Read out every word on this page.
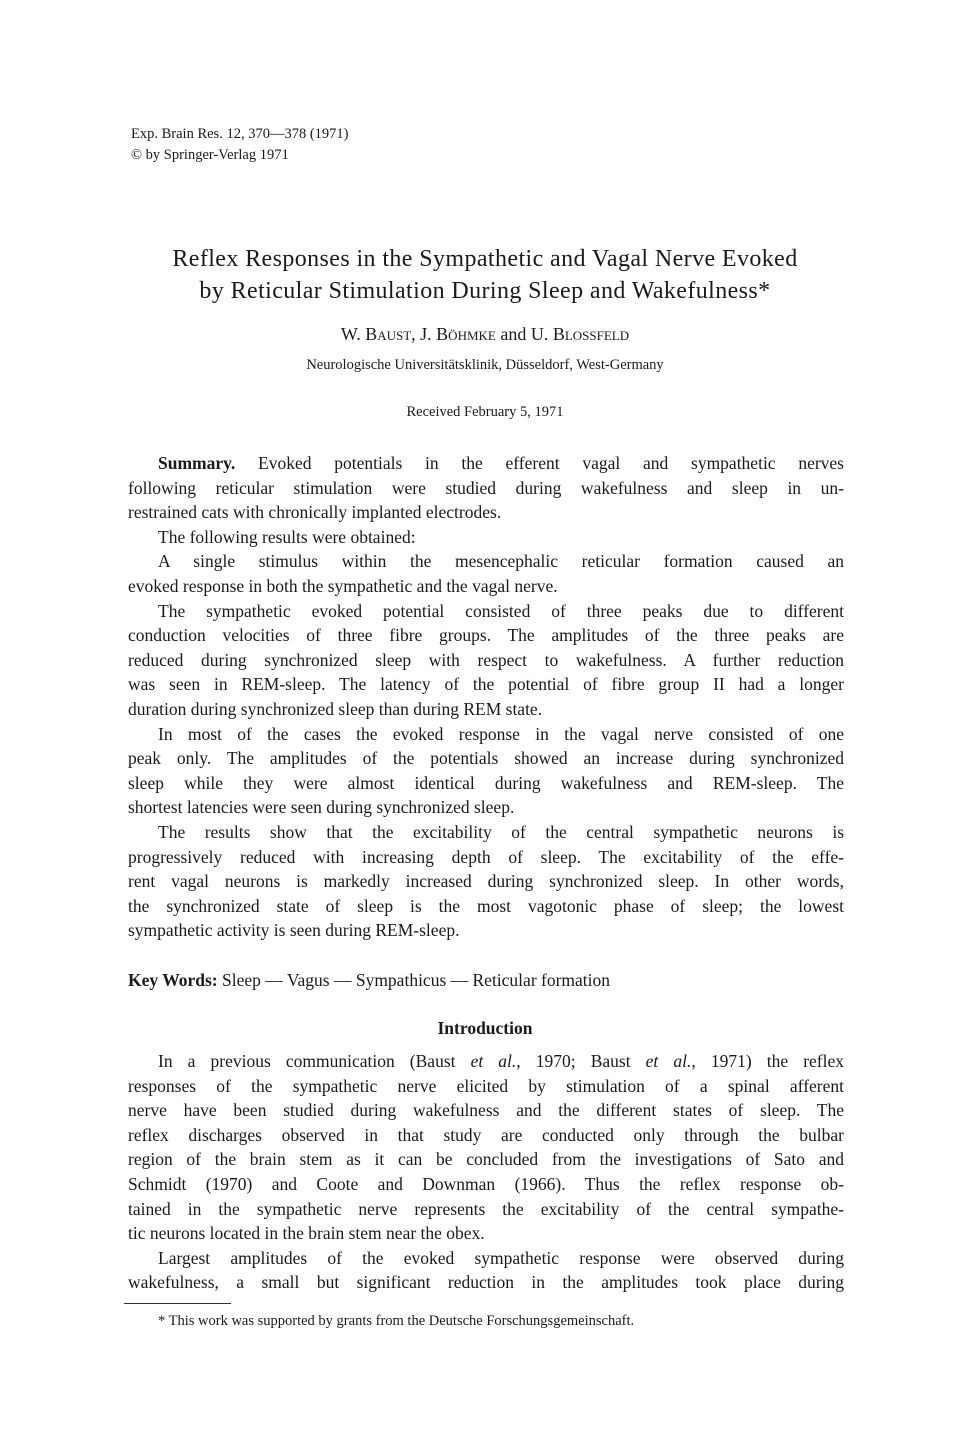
Exp. Brain Res. 12, 370—378 (1971)
© by Springer-Verlag 1971
Reflex Responses in the Sympathetic and Vagal Nerve Evoked
by Reticular Stimulation During Sleep and Wakefulness*
W. Baust, J. Böhmke and U. Blossfeld
Neurologische Universitätsklinik, Düsseldorf, West-Germany
Received February 5, 1971
Summary. Evoked potentials in the efferent vagal and sympathetic nerves
following reticular stimulation were studied during wakefulness and sleep in un-
restrained cats with chronically implanted electrodes.
The following results were obtained:
A single stimulus within the mesencephalic reticular formation caused an
evoked response in both the sympathetic and the vagal nerve.
The sympathetic evoked potential consisted of three peaks due to different
conduction velocities of three fibre groups. The amplitudes of the three peaks are
reduced during synchronized sleep with respect to wakefulness. A further reduction
was seen in REM-sleep. The latency of the potential of fibre group II had a longer
duration during synchronized sleep than during REM state.
In most of the cases the evoked response in the vagal nerve consisted of one
peak only. The amplitudes of the potentials showed an increase during synchronized
sleep while they were almost identical during wakefulness and REM-sleep. The
shortest latencies were seen during synchronized sleep.
The results show that the excitability of the central sympathetic neurons is
progressively reduced with increasing depth of sleep. The excitability of the effe-
rent vagal neurons is markedly increased during synchronized sleep. In other words,
the synchronized state of sleep is the most vagotonic phase of sleep; the lowest
sympathetic activity is seen during REM-sleep.
Key Words: Sleep — Vagus — Sympathicus — Reticular formation
Introduction
In a previous communication (Baust et al., 1970; Baust et al., 1971) the reflex
responses of the sympathetic nerve elicited by stimulation of a spinal afferent
nerve have been studied during wakefulness and the different states of sleep. The
reflex discharges observed in that study are conducted only through the bulbar
region of the brain stem as it can be concluded from the investigations of Sato and
Schmidt (1970) and Coote and Downman (1966). Thus the reflex response ob-
tained in the sympathetic nerve represents the excitability of the central sympathe-
tic neurons located in the brain stem near the obex.
Largest amplitudes of the evoked sympathetic response were observed during
wakefulness, a small but significant reduction in the amplitudes took place during
* This work was supported by grants from the Deutsche Forschungsgemeinschaft.
